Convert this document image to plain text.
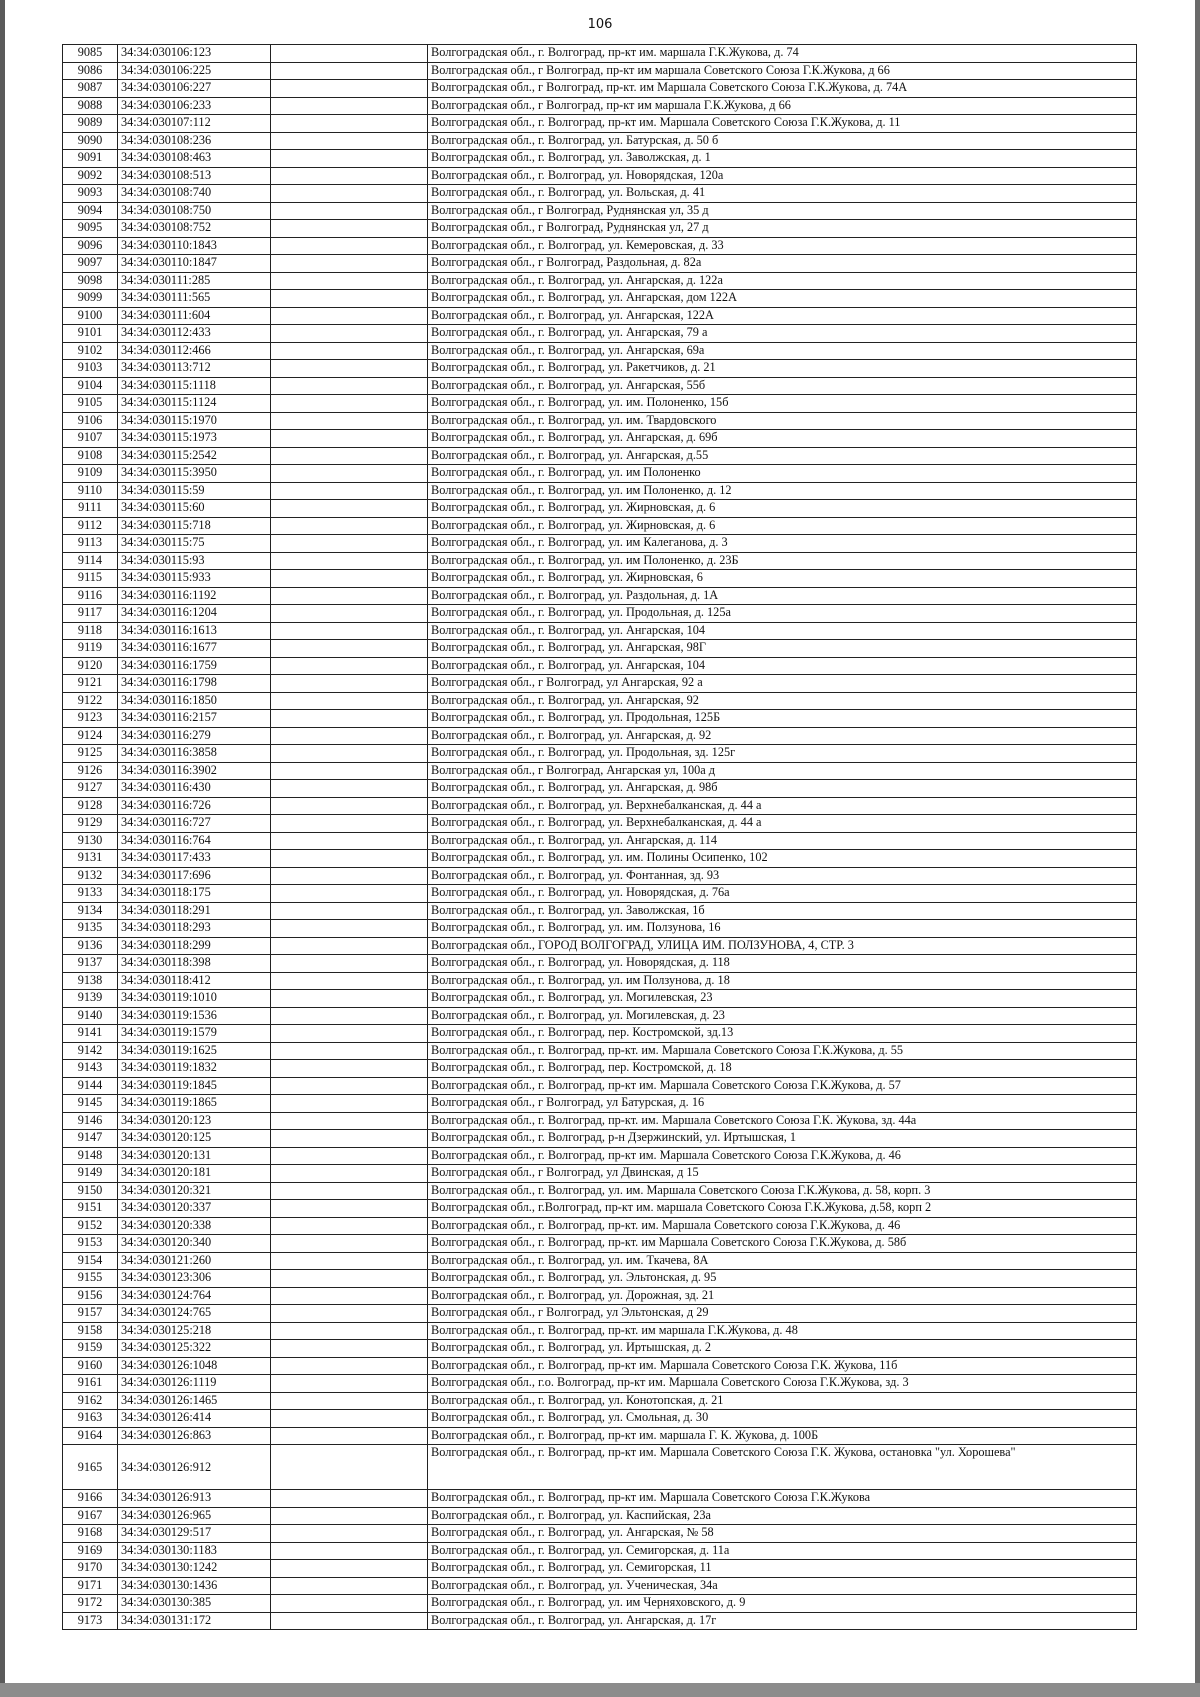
106
9085	34:34:030106:123		Волгоградская обл., г. Волгоград, пр-кт им. маршала Г.К.Жукова, д. 74
9086	34:34:030106:225		Волгоградская обл., г Волгоград, пр-кт им маршала Советского Союза Г.К.Жукова, д 66
9087	34:34:030106:227		Волгоградская обл., г Волгоград, пр-кт. им Маршала Советского Союза Г.К.Жукова, д. 74А
9088	34:34:030106:233		Волгоградская обл., г Волгоград, пр-кт им маршала Г.К.Жукова, д 66
9089	34:34:030107:112		Волгоградская обл., г. Волгоград, пр-кт им. Маршала Советского Союза Г.К.Жукова, д. 11
9090	34:34:030108:236		Волгоградская обл., г. Волгоград, ул. Батурская, д. 50 б
9091	34:34:030108:463		Волгоградская обл., г. Волгоград, ул. Заволжская, д. 1
9092	34:34:030108:513		Волгоградская обл., г. Волгоград, ул. Новорядская, 120а
9093	34:34:030108:740		Волгоградская обл., г. Волгоград, ул. Вольская, д. 41
9094	34:34:030108:750		Волгоградская обл., г Волгоград, Руднянская ул, 35 д
9095	34:34:030108:752		Волгоградская обл., г Волгоград, Руднянская ул, 27 д
9096	34:34:030110:1843		Волгоградская обл., г. Волгоград, ул. Кемеровская, д. 33
9097	34:34:030110:1847		Волгоградская обл., г Волгоград, Раздольная, д. 82а
9098	34:34:030111:285		Волгоградская обл., г. Волгоград, ул. Ангарская, д. 122а
9099	34:34:030111:565		Волгоградская обл., г. Волгоград, ул. Ангарская, дом 122А
9100	34:34:030111:604		Волгоградская обл., г. Волгоград, ул. Ангарская, 122А
9101	34:34:030112:433		Волгоградская обл., г. Волгоград, ул. Ангарская, 79 а
9102	34:34:030112:466		Волгоградская обл., г. Волгоград, ул. Ангарская, 69а
9103	34:34:030113:712		Волгоградская обл., г. Волгоград, ул. Ракетчиков, д. 21
9104	34:34:030115:1118		Волгоградская обл., г. Волгоград, ул. Ангарская, 55б
9105	34:34:030115:1124		Волгоградская обл., г. Волгоград, ул. им. Полоненко, 15б
9106	34:34:030115:1970		Волгоградская обл., г. Волгоград, ул. им. Твардовского
9107	34:34:030115:1973		Волгоградская обл., г. Волгоград, ул. Ангарская, д. 69б
9108	34:34:030115:2542		Волгоградская обл., г. Волгоград, ул. Ангарская, д.55
9109	34:34:030115:3950		Волгоградская обл., г. Волгоград, ул. им Полоненко
9110	34:34:030115:59		Волгоградская обл., г. Волгоград, ул. им Полоненко, д. 12
9111	34:34:030115:60		Волгоградская обл., г. Волгоград, ул. Жирновская, д. 6
9112	34:34:030115:718		Волгоградская обл., г. Волгоград, ул. Жирновская, д. 6
9113	34:34:030115:75		Волгоградская обл., г. Волгоград, ул. им Калеганова, д. 3
9114	34:34:030115:93		Волгоградская обл., г. Волгоград, ул. им Полоненко, д. 23Б
9115	34:34:030115:933		Волгоградская обл., г. Волгоград, ул. Жирновская, 6
9116	34:34:030116:1192		Волгоградская обл., г. Волгоград, ул. Раздольная, д. 1А
9117	34:34:030116:1204		Волгоградская обл., г. Волгоград, ул. Продольная, д. 125а
9118	34:34:030116:1613		Волгоградская обл., г. Волгоград, ул. Ангарская, 104
9119	34:34:030116:1677		Волгоградская обл., г. Волгоград, ул. Ангарская, 98Г
9120	34:34:030116:1759		Волгоградская обл., г. Волгоград, ул. Ангарская, 104
9121	34:34:030116:1798		Волгоградская обл., г Волгоград, ул Ангарская, 92 а
9122	34:34:030116:1850		Волгоградская обл., г. Волгоград, ул. Ангарская, 92
9123	34:34:030116:2157		Волгоградская обл., г. Волгоград, ул. Продольная, 125Б
9124	34:34:030116:279		Волгоградская обл., г. Волгоград, ул. Ангарская, д. 92
9125	34:34:030116:3858		Волгоградская обл., г. Волгоград, ул. Продольная, зд. 125г
9126	34:34:030116:3902		Волгоградская обл., г Волгоград, Ангарская ул, 100а д
9127	34:34:030116:430		Волгоградская обл., г. Волгоград, ул. Ангарская, д. 98б
9128	34:34:030116:726		Волгоградская обл., г. Волгоград, ул. Верхнебалканская, д. 44 а
9129	34:34:030116:727		Волгоградская обл., г. Волгоград, ул. Верхнебалканская, д. 44 а
9130	34:34:030116:764		Волгоградская обл., г. Волгоград, ул. Ангарская, д. 114
9131	34:34:030117:433		Волгоградская обл., г. Волгоград, ул. им. Полины Осипенко, 102
9132	34:34:030117:696		Волгоградская обл., г. Волгоград, ул. Фонтанная, зд. 93
9133	34:34:030118:175		Волгоградская обл., г. Волгоград, ул. Новорядская, д. 76а
9134	34:34:030118:291		Волгоградская обл., г. Волгоград, ул. Заволжская, 1б
9135	34:34:030118:293		Волгоградская обл., г. Волгоград, ул. им. Ползунова, 16
9136	34:34:030118:299		Волгоградская обл., ГОРОД ВОЛГОГРАД, УЛИЦА ИМ. ПОЛЗУНОВА, 4, СТР. 3
9137	34:34:030118:398		Волгоградская обл., г. Волгоград, ул. Новорядская, д. 118
9138	34:34:030118:412		Волгоградская обл., г. Волгоград, ул. им Ползунова, д. 18
9139	34:34:030119:1010		Волгоградская обл., г. Волгоград, ул. Могилевская, 23
9140	34:34:030119:1536		Волгоградская обл., г. Волгоград, ул. Могилевская, д. 23
9141	34:34:030119:1579		Волгоградская обл., г. Волгоград, пер. Костромской, зд.13
9142	34:34:030119:1625		Волгоградская обл., г. Волгоград, пр-кт. им. Маршала Советского Союза Г.К.Жукова, д. 55
9143	34:34:030119:1832		Волгоградская обл., г. Волгоград, пер. Костромской, д. 18
9144	34:34:030119:1845		Волгоградская обл., г. Волгоград, пр-кт им. Маршала Советского Союза Г.К.Жукова, д. 57
9145	34:34:030119:1865		Волгоградская обл., г Волгоград, ул Батурская, д. 16
9146	34:34:030120:123		Волгоградская обл., г. Волгоград, пр-кт. им. Маршала Советского Союза Г.К. Жукова, зд. 44а
9147	34:34:030120:125		Волгоградская обл., г. Волгоград, р-н Дзержинский, ул. Иртышская, 1
9148	34:34:030120:131		Волгоградская обл., г. Волгоград, пр-кт им. Маршала Советского Союза Г.К.Жукова, д. 46
9149	34:34:030120:181		Волгоградская обл., г Волгоград, ул Двинская, д 15
9150	34:34:030120:321		Волгоградская обл., г. Волгоград, ул. им. Маршала Советского Союза Г.К.Жукова, д. 58, корп. 3
9151	34:34:030120:337		Волгоградская обл., г.Волгоград, пр-кт им. маршала Советского Союза Г.К.Жукова, д.58, корп 2
9152	34:34:030120:338		Волгоградская обл., г. Волгоград, пр-кт. им. Маршала Советского союза Г.К.Жукова, д. 46
9153	34:34:030120:340		Волгоградская обл., г. Волгоград, пр-кт. им Маршала Советского Союза Г.К.Жукова, д. 58б
9154	34:34:030121:260		Волгоградская обл., г. Волгоград, ул. им. Ткачева, 8А
9155	34:34:030123:306		Волгоградская обл., г. Волгоград, ул. Эльтонская, д. 95
9156	34:34:030124:764		Волгоградская обл., г. Волгоград, ул. Дорожная, зд. 21
9157	34:34:030124:765		Волгоградская обл., г Волгоград, ул Эльтонская, д 29
9158	34:34:030125:218		Волгоградская обл., г. Волгоград, пр-кт. им маршала Г.К.Жукова, д. 48
9159	34:34:030125:322		Волгоградская обл., г. Волгоград, ул. Иртышская, д. 2
9160	34:34:030126:1048		Волгоградская обл., г. Волгоград, пр-кт им. Маршала Советского Союза Г.К. Жукова, 11б
9161	34:34:030126:1119		Волгоградская обл., г.о. Волгоград, пр-кт им. Маршала Советского Союза Г.К.Жукова, зд. 3
9162	34:34:030126:1465		Волгоградская обл., г. Волгоград, ул. Конотопская, д. 21
9163	34:34:030126:414		Волгоградская обл., г. Волгоград, ул. Смольная, д. 30
9164	34:34:030126:863		Волгоградская обл., г. Волгоград, пр-кт им. маршала Г. К. Жукова, д. 100Б
9165	34:34:030126:912		Волгоградская обл., г. Волгоград, пр-кт им. Маршала Советского Союза Г.К. Жукова, остановка "ул. Хорошева"
9166	34:34:030126:913		Волгоградская обл., г. Волгоград, пр-кт им. Маршала Советского Союза Г.К.Жукова
9167	34:34:030126:965		Волгоградская обл., г. Волгоград, ул. Каспийская, 23а
9168	34:34:030129:517		Волгоградская обл., г. Волгоград, ул. Ангарская, № 58
9169	34:34:030130:1183		Волгоградская обл., г. Волгоград, ул. Семигорская, д. 11а
9170	34:34:030130:1242		Волгоградская обл., г. Волгоград, ул. Семигорская, 11
9171	34:34:030130:1436		Волгоградская обл., г. Волгоград, ул. Ученическая, 34а
9172	34:34:030130:385		Волгоградская обл., г. Волгоград, ул. им Черняховского, д. 9
9173	34:34:030131:172		Волгоградская обл., г. Волгоград, ул. Ангарская, д. 17г
